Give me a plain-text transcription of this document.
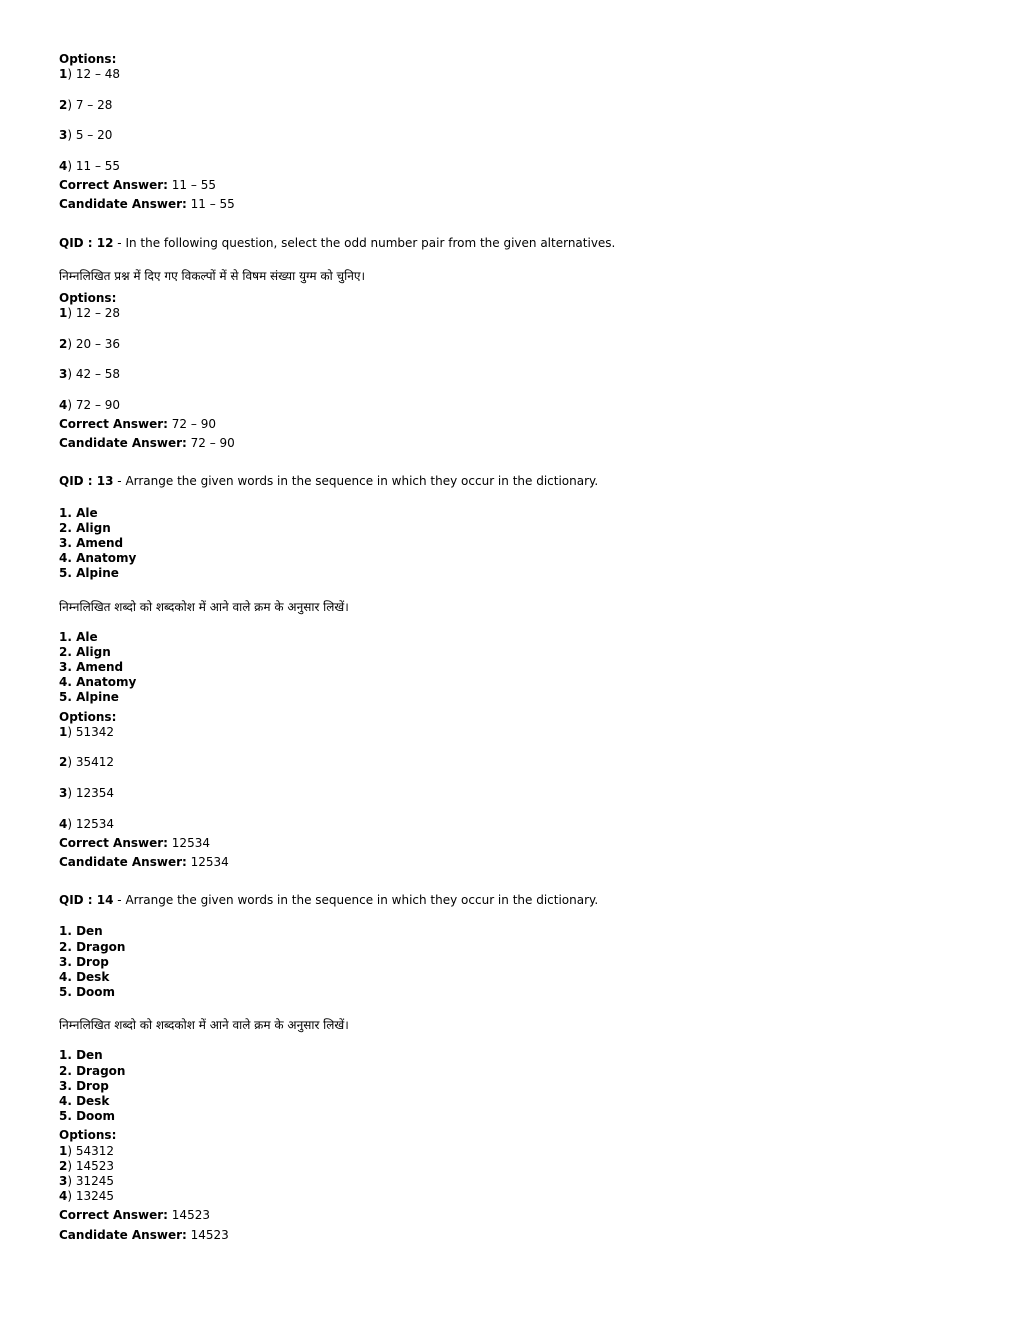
Options:
1) 12 – 48
2) 7 – 28
3) 5 – 20
4) 11 – 55
Correct Answer: 11 – 55
Candidate Answer: 11 – 55
QID : 12 - In the following question, select the odd number pair from the given alternatives.
निम्नलिखित प्रश्न में दिए गए विकल्पों में से विषम संख्या युग्म को चुनिए।
Options:
1) 12 – 28
2) 20 – 36
3) 42 – 58
4) 72 – 90
Correct Answer: 72 – 90
Candidate Answer: 72 – 90
QID : 13 - Arrange the given words in the sequence in which they occur in the dictionary.
1. Ale
2. Align
3. Amend
4. Anatomy
5. Alpine
निम्नलिखित शब्दो को शब्दकोश में आने वाले क्रम के अनुसार लिखें।
1. Ale
2. Align
3. Amend
4. Anatomy
5. Alpine
Options:
1) 51342
2) 35412
3) 12354
4) 12534
Correct Answer: 12534
Candidate Answer: 12534
QID : 14 - Arrange the given words in the sequence in which they occur in the dictionary.
1. Den
2. Dragon
3. Drop
4. Desk
5. Doom
निम्नलिखित शब्दो को शब्दकोश में आने वाले क्रम के अनुसार लिखें।
1. Den
2. Dragon
3. Drop
4. Desk
5. Doom
Options:
1) 54312
2) 14523
3) 31245
4) 13245
Correct Answer: 14523
Candidate Answer: 14523
